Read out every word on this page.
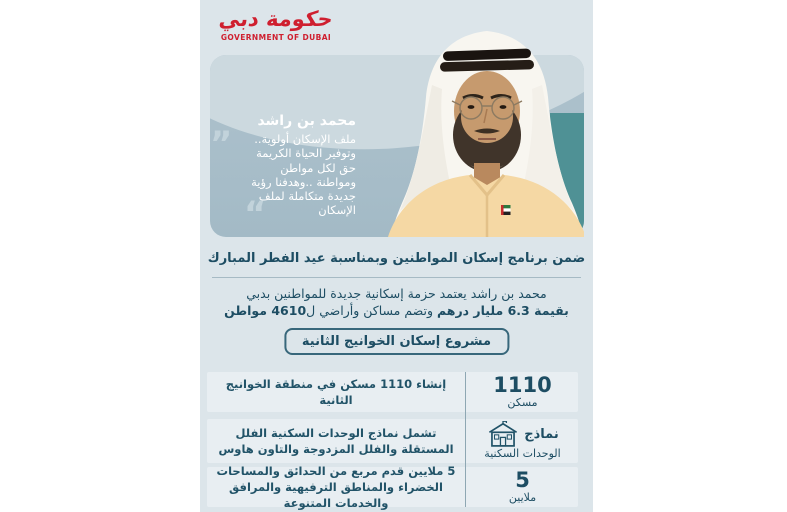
حكومة دبي
GOVERNMENT OF DUBAI
”
محمد بن راشد
ملف الإسكان أولوية..
وتوفير الحياة الكريمة
حق لكل مواطن
ومواطنة ..وهدفنا رؤية
جديدة متكاملة لملف
الإسكان
“
ضمن برنامج إسكان المواطنين وبمناسبة عيد الفطر المبارك
محمد بن راشد يعتمد حزمة إسكانية جديدة للمواطنين بدبي
بقيمة 6.3 مليار درهم وتضم مساكن وأراضي ل4610 مواطن
مشروع إسكان الخوانيج الثانية
إنشاء 1110 مسكن في منطقة الخوانيج الثانية
1110
مسكن
تشمل نماذج الوحدات السكنية الفلل المستقلة والفلل المزدوجة والتاون هاوس
نماذج
الوحدات السكنية
5 ملايين قدم مربع من الحدائق والمساحات الخضراء والمناطق الترفيهية والمرافق والخدمات المتنوعة
5
ملايين
